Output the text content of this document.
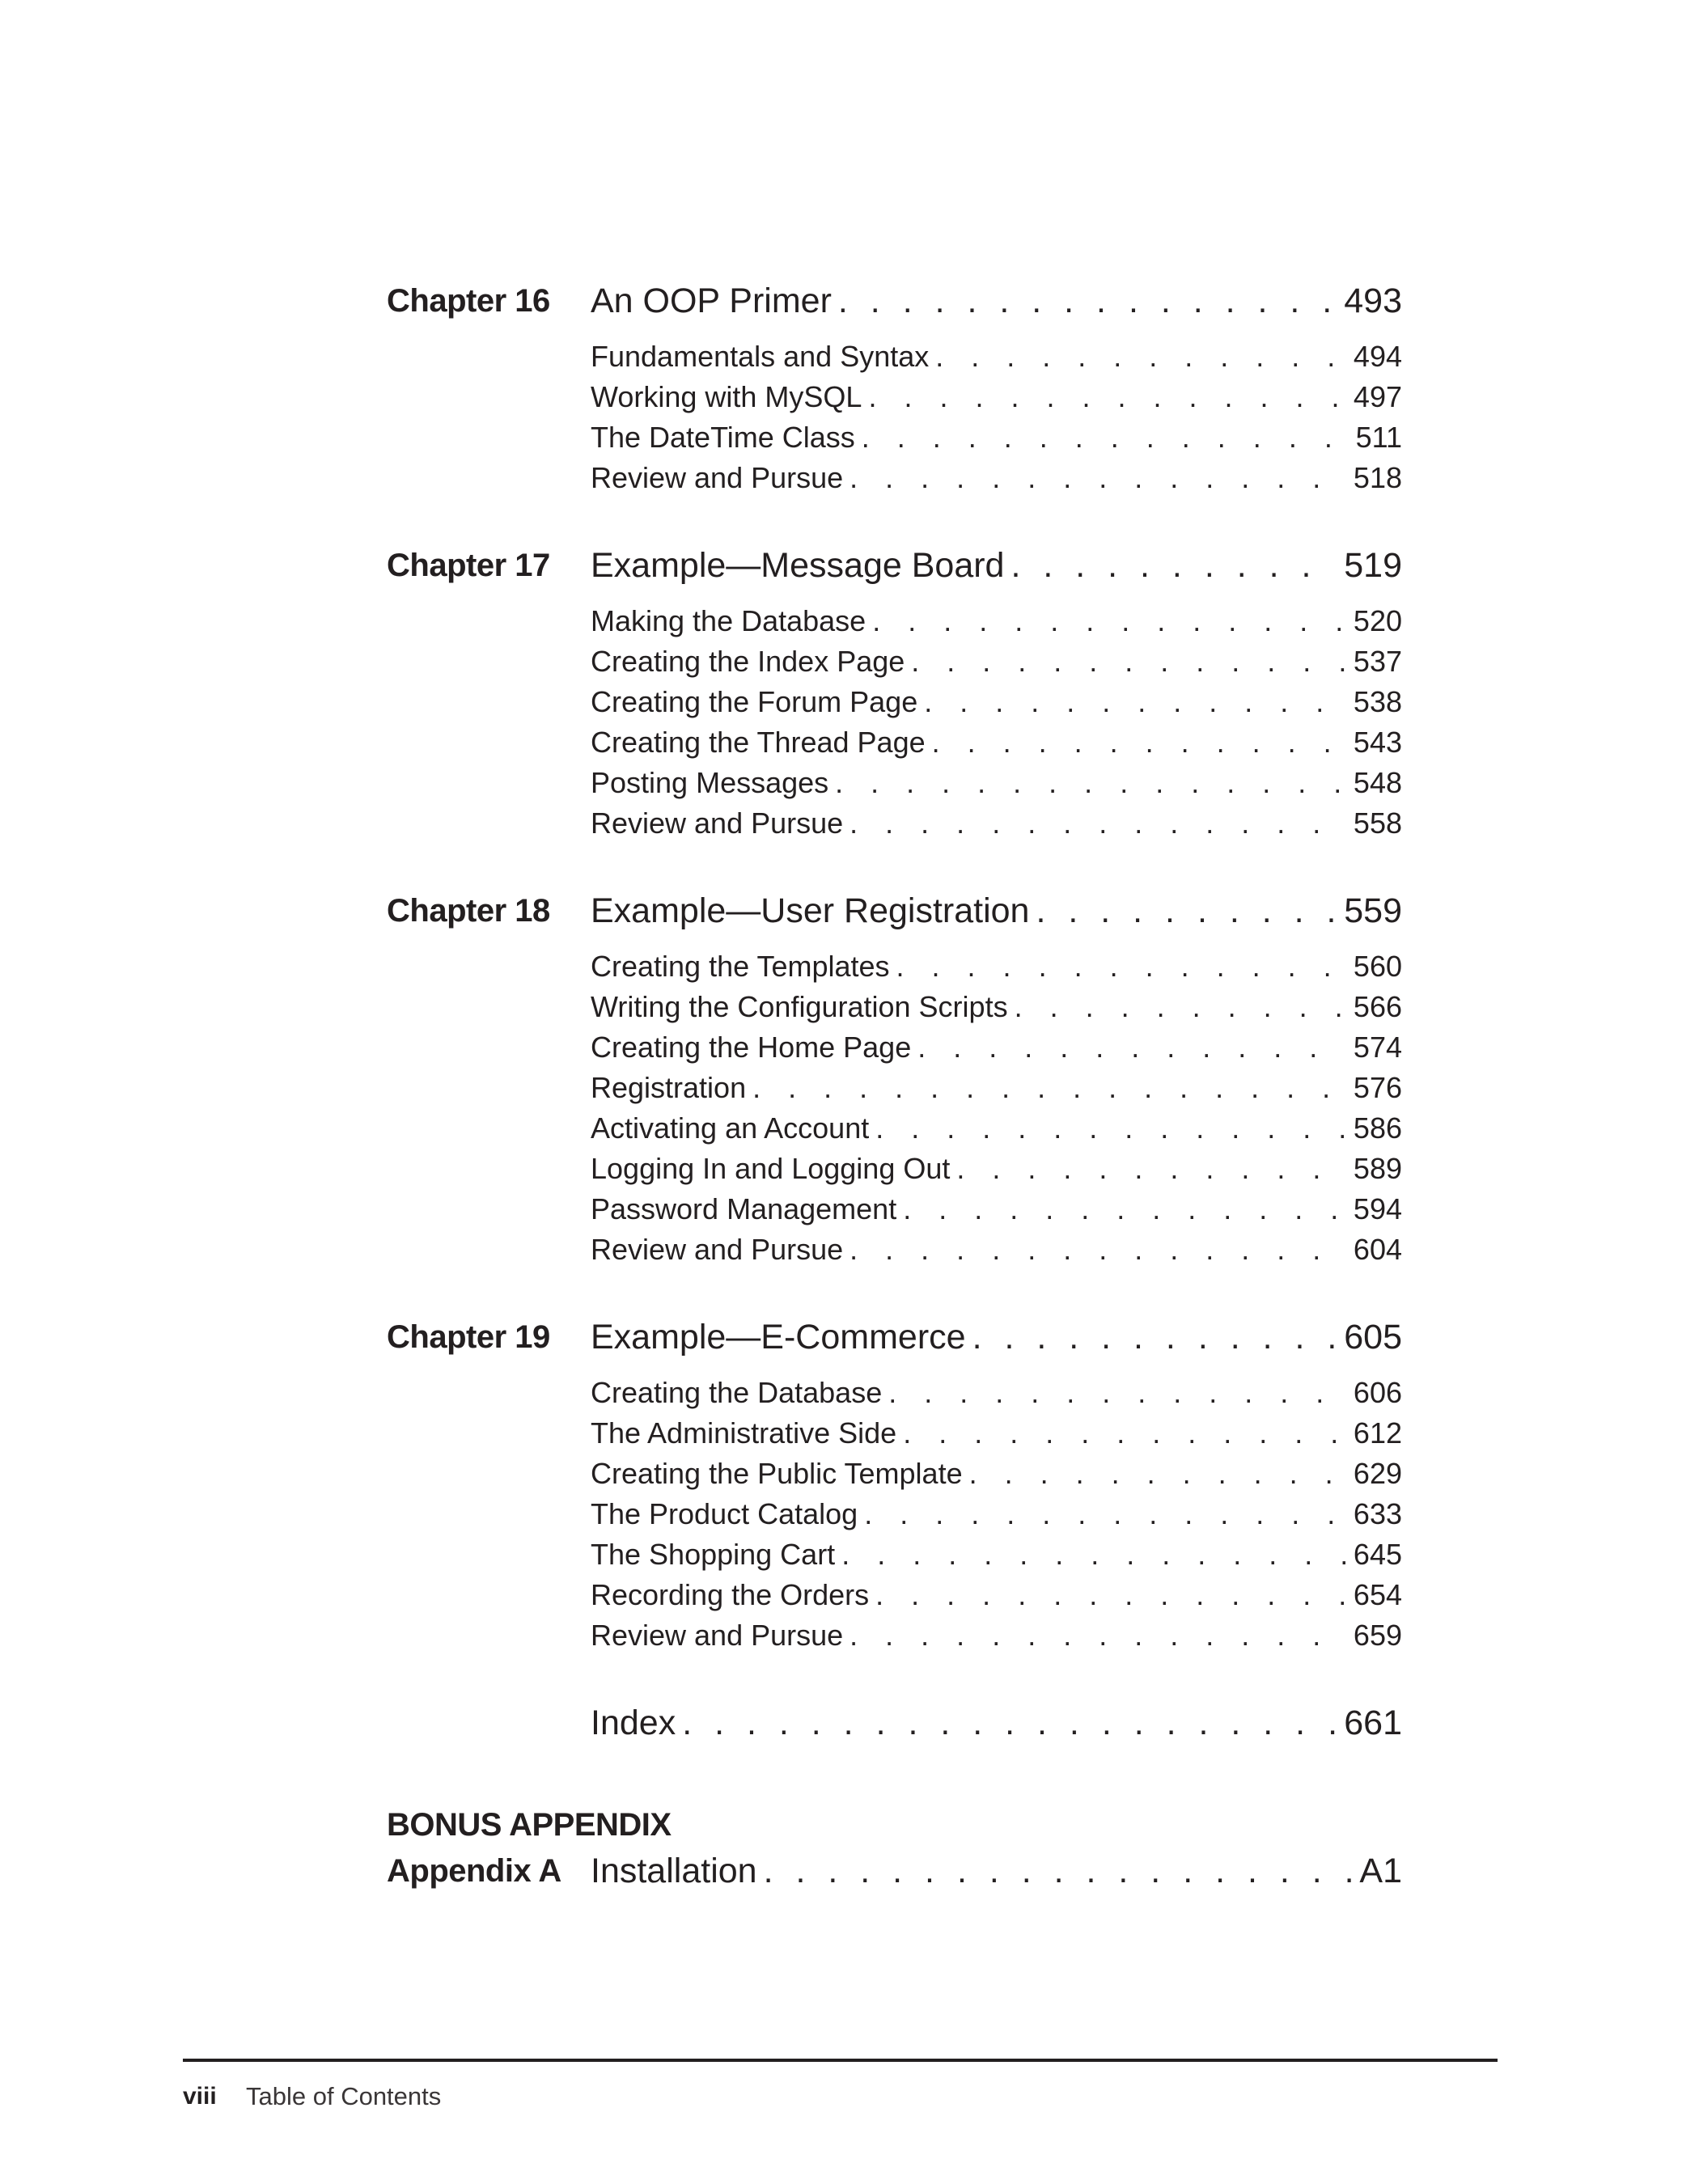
Chapter 16 An OOP Primer . . .	493
Fundamentals and Syntax . . .	494
Working with MySQL . . .	497
The DateTime Class . . .	511
Review and Pursue . . .	518
Chapter 17 Example—Message Board . . .	519
Making the Database . . .	520
Creating the Index Page . . .	537
Creating the Forum Page . . .	538
Creating the Thread Page . . .	543
Posting Messages . . .	548
Review and Pursue . . .	558
Chapter 18 Example—User Registration . . .	559
Creating the Templates . . .	560
Writing the Configuration Scripts . . .	566
Creating the Home Page . . .	574
Registration . . .	576
Activating an Account . . .	586
Logging In and Logging Out . . .	589
Password Management . . .	594
Review and Pursue . . .	604
Chapter 19 Example—E-Commerce . . .	605
Creating the Database . . .	606
The Administrative Side . . .	612
Creating the Public Template . . .	629
The Product Catalog . . .	633
The Shopping Cart . . .	645
Recording the Orders . . .	654
Review and Pursue . . .	659
Index . . .	661
BONUS APPENDIX
Appendix A Installation . . .	A1
viii Table of Contents
